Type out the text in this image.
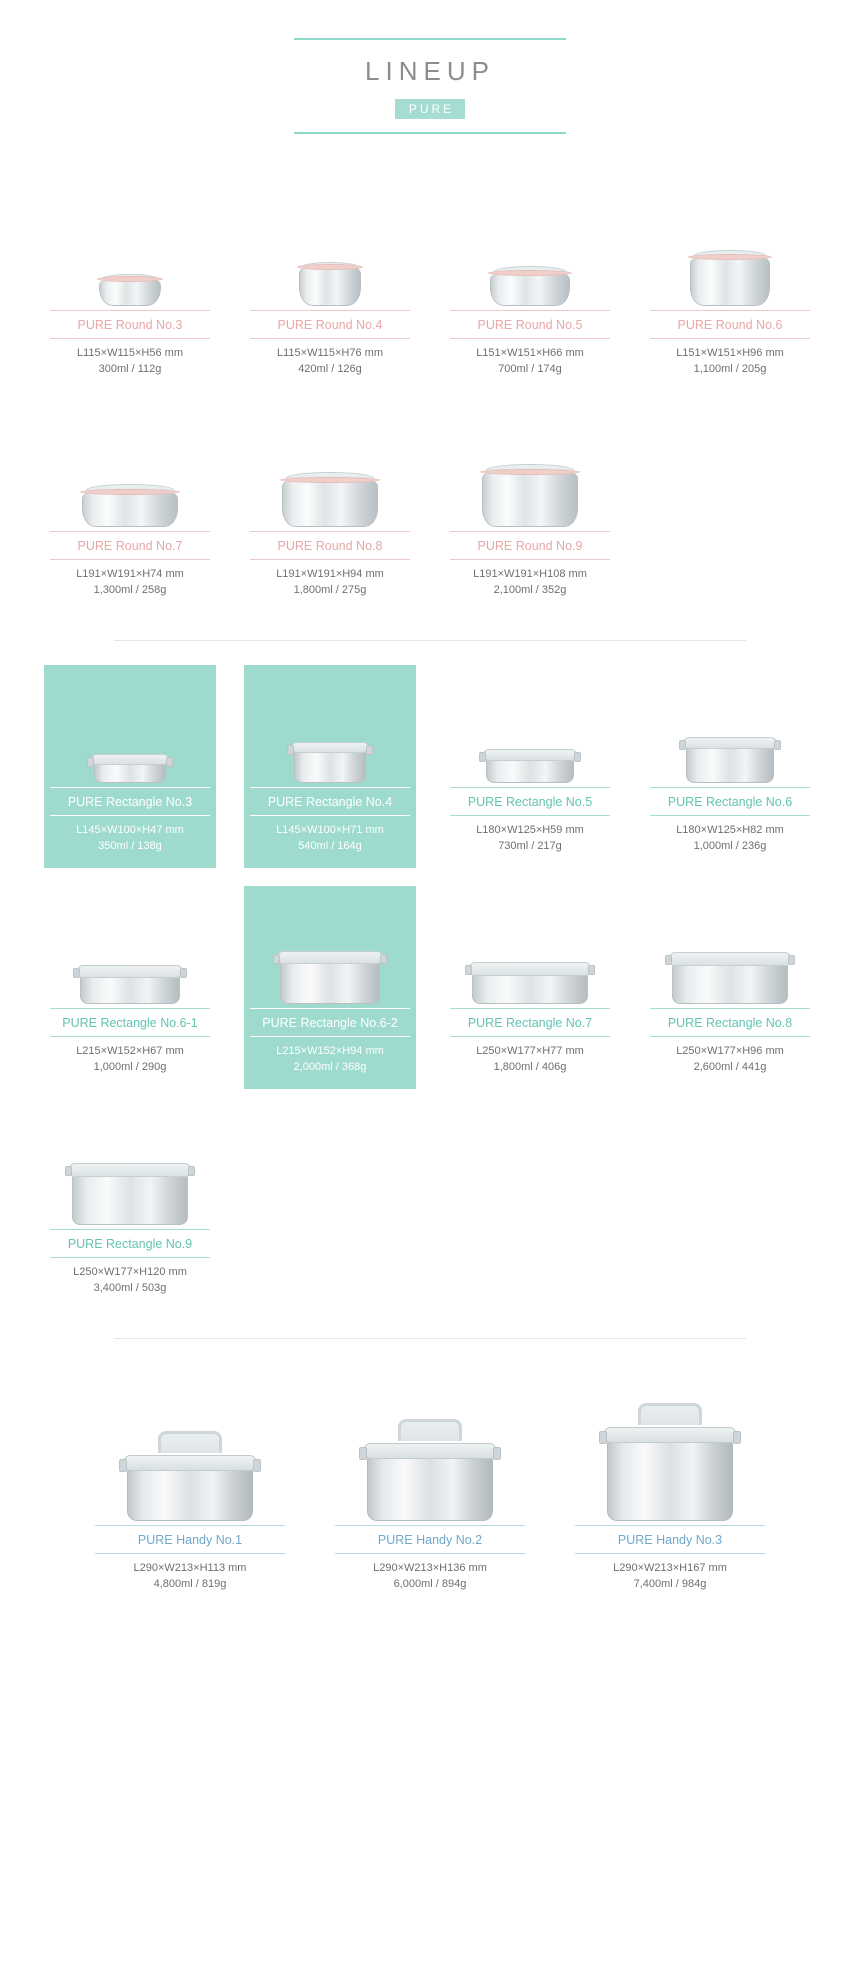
LINEUP
PURE
PURE Round No.3
L115×W115×H56 mm
300ml / 112g
PURE Round No.4
L115×W115×H76 mm
420ml / 126g
PURE Round No.5
L151×W151×H66 mm
700ml / 174g
PURE Round No.6
L151×W151×H96 mm
1,100ml / 205g
PURE Round No.7
L191×W191×H74 mm
1,300ml / 258g
PURE Round No.8
L191×W191×H94 mm
1,800ml / 275g
PURE Round No.9
L191×W191×H108 mm
2,100ml / 352g
PURE Rectangle No.3
L145×W100×H47 mm
350ml / 138g
PURE Rectangle No.4
L145×W100×H71 mm
540ml / 164g
PURE Rectangle No.5
L180×W125×H59 mm
730ml / 217g
PURE Rectangle No.6
L180×W125×H82 mm
1,000ml / 236g
PURE Rectangle No.6-1
L215×W152×H67 mm
1,000ml / 290g
PURE Rectangle No.6-2
L215×W152×H94 mm
2,000ml / 368g
PURE Rectangle No.7
L250×W177×H77 mm
1,800ml / 406g
PURE Rectangle No.8
L250×W177×H96 mm
2,600ml / 441g
PURE Rectangle No.9
L250×W177×H120 mm
3,400ml / 503g
PURE Handy No.1
L290×W213×H113 mm
4,800ml / 819g
PURE Handy No.2
L290×W213×H136 mm
6,000ml / 894g
PURE Handy No.3
L290×W213×H167 mm
7,400ml / 984g
